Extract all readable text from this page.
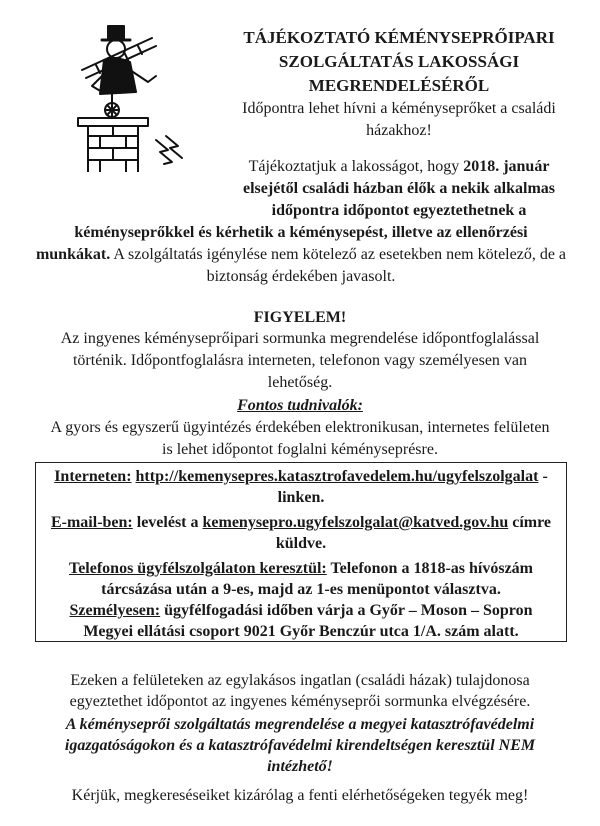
TÁJÉKOZTATÓ KÉMÉNYSEPRŐIPARI
SZOLGÁLTATÁS LAKOSSÁGI
MEGRENDELÉSÉRŐL
Időpontra lehet hívni a kéményseprőket a családi
házakhoz!
Tájékoztatjuk a lakosságot, hogy 2018. január
elsejétől családi házban élők a nekik alkalmas
időpontra időpontot egyeztethetnek a
kéményseprőkkel és kérhetik a kéménysepést, illetve az ellenőrzési
munkákat. A szolgáltatás igénylése nem kötelező az esetekben nem kötelező, de a
biztonság érdekében javasolt.
FIGYELEM!
Az ingyenes kéményseprőipari sormunka megrendelése időpontfoglalással
történik. Időpontfoglalásra interneten, telefonon vagy személyesen van
lehetőség.
Fontos tudnivalók:
A gyors és egyszerű ügyintézés érdekében elektronikusan, internetes felületen
is lehet időpontot foglalni kéményseprésre.
Interneten: http://kemenysepres.katasztrofavedelem.hu/ugyfelszolgalat -
linken.
E-mail-ben: levelést a kemenysepro.ugyfelszolgalat@katved.gov.hu címre
küldve.
Telefonos ügyfélszolgálaton keresztül: Telefonon a 1818-as hívószám
tárcsázása után a 9-es, majd az 1-es menüpontot választva.
Személyesen: ügyfélfogadási időben várja a Győr – Moson – Sopron
Megyei ellátási csoport 9021 Győr Benczúr utca 1/A. szám alatt.
Ezeken a felületeken az egylakásos ingatlan (családi házak) tulajdonosa
egyeztethet időpontot az ingyenes kéményseprői sormunka elvégzésére.
A kéményseprői szolgáltatás megrendelése a megyei katasztrófavédelmi
igazgatóságokon és a katasztrófavédelmi kirendeltségen keresztül NEM
intézhető!
Kérjük, megkereséseiket kizárólag a fenti elérhetőségeken tegyék meg!
